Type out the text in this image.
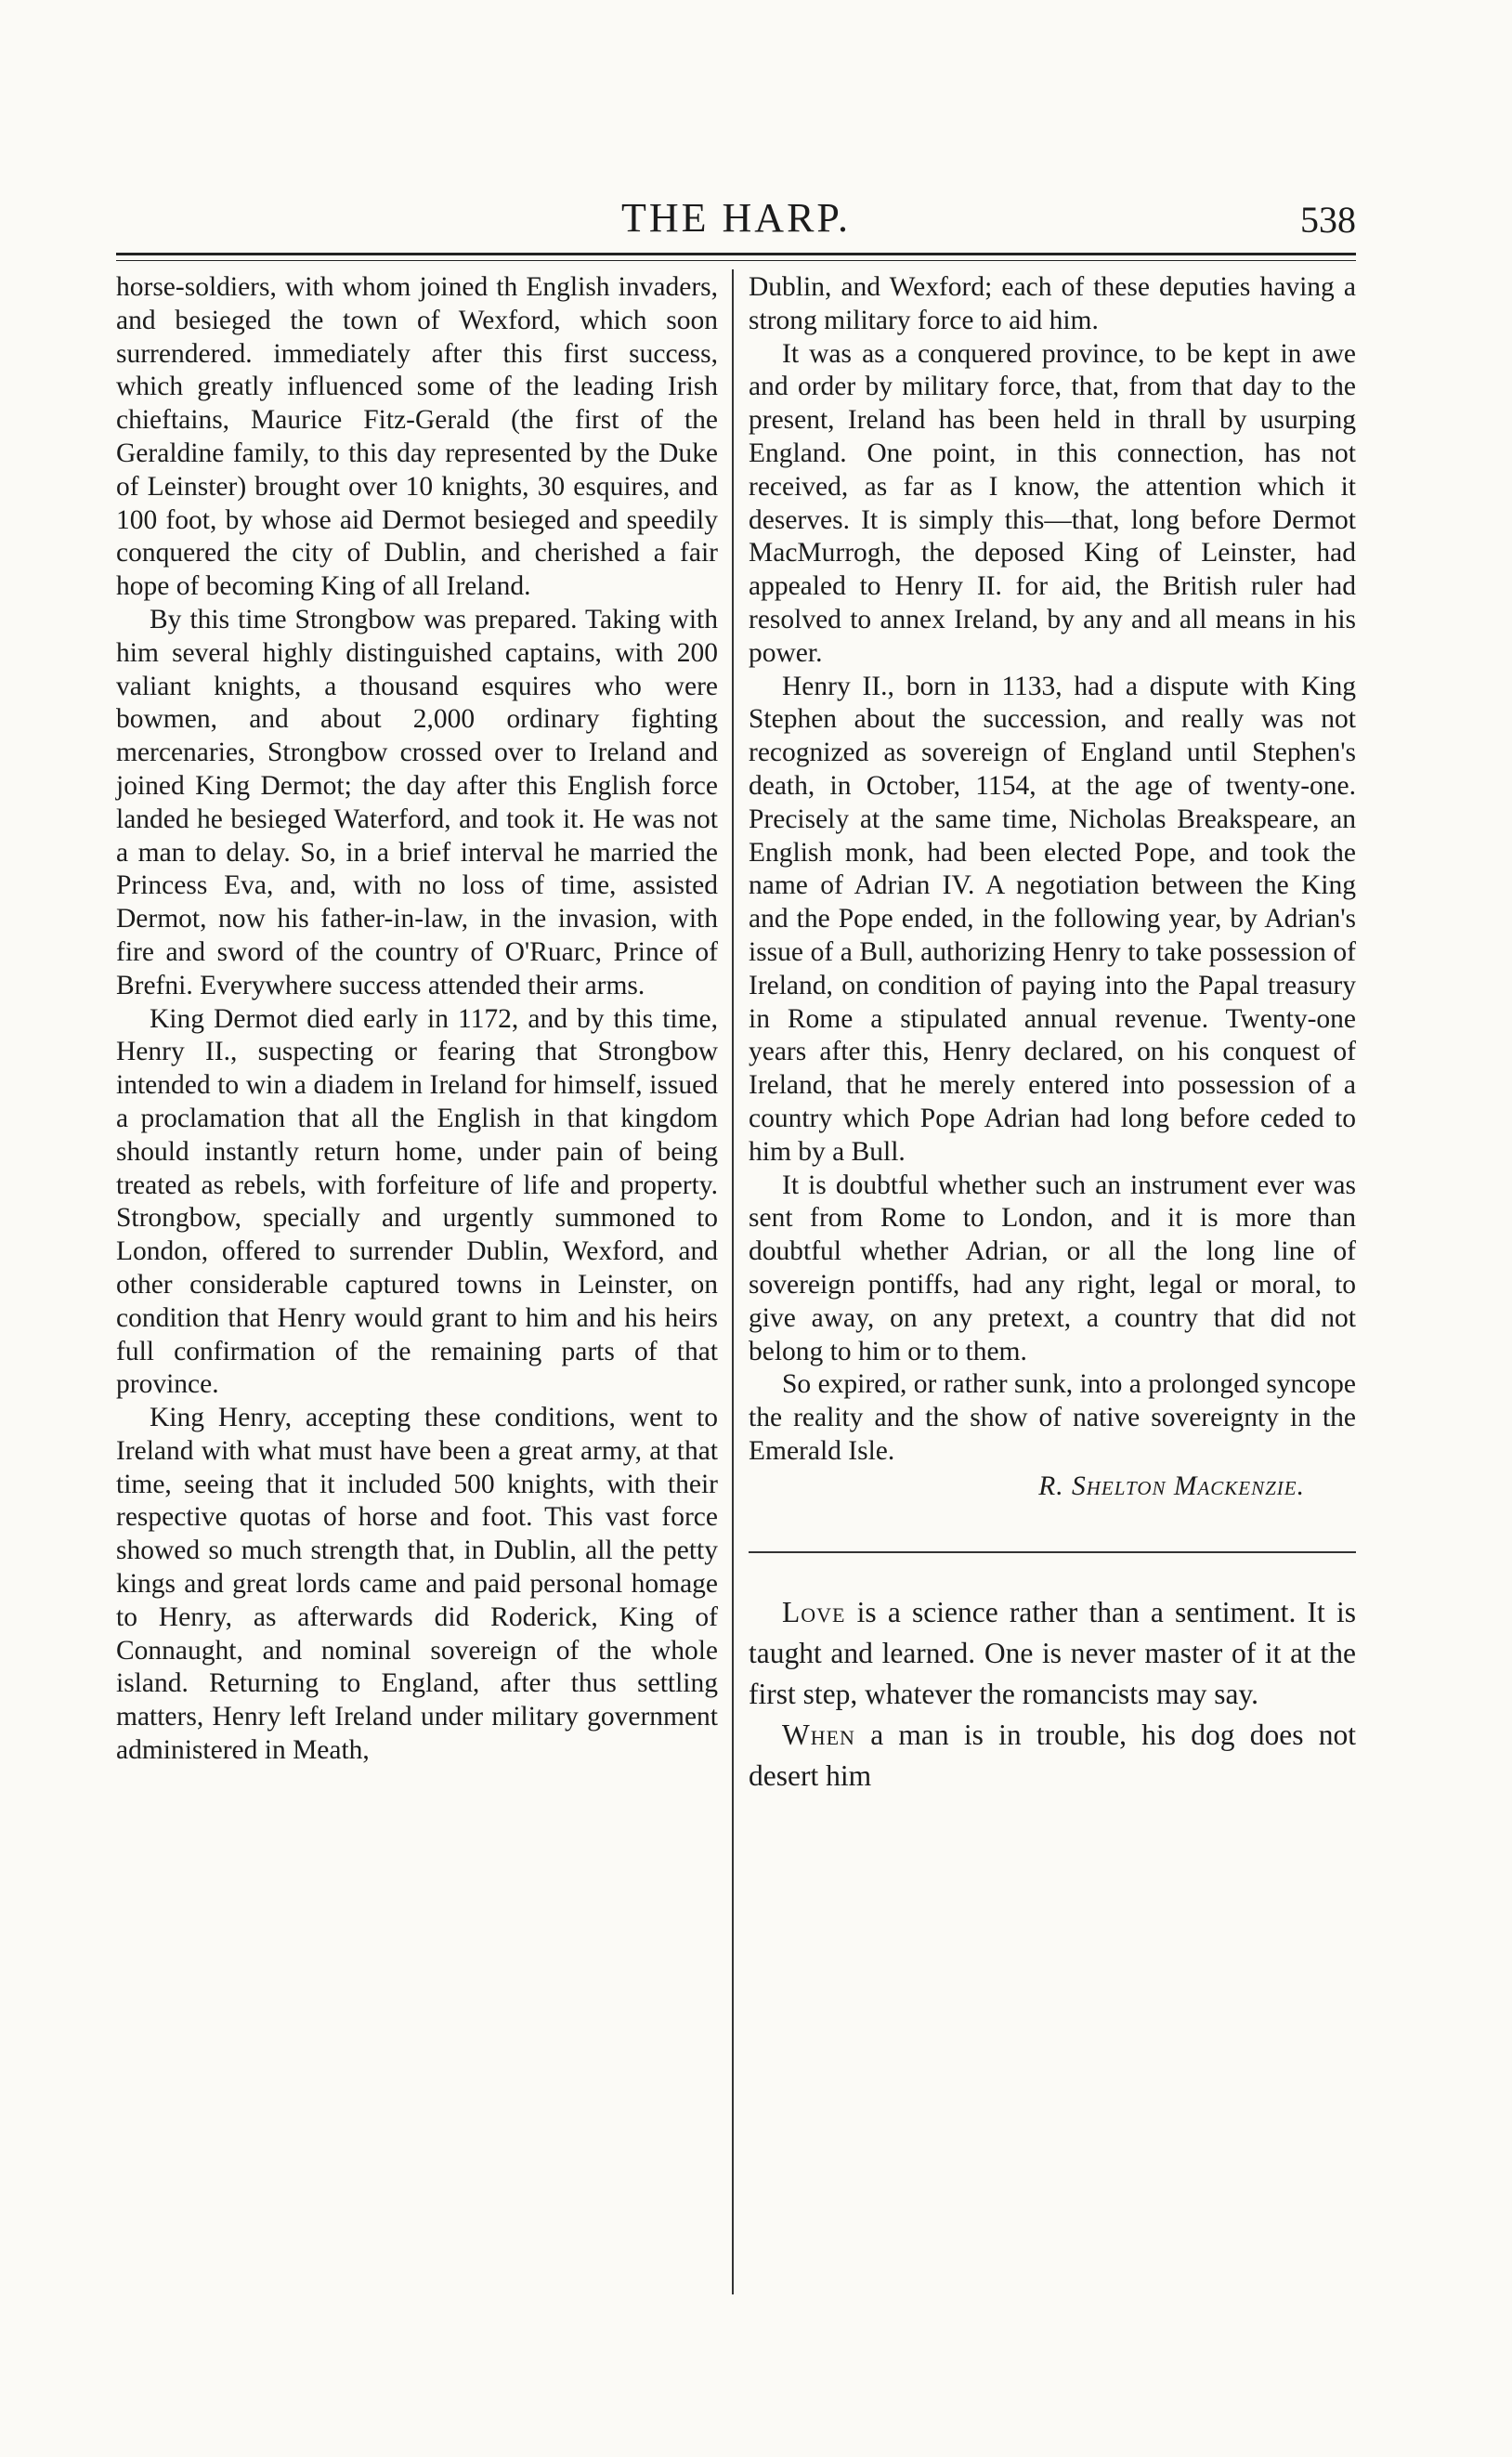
THE HARP.	538

horse-soldiers, with whom joined th English invaders, and besieged the town of Wexford, which soon surrendered. immediately after this first success, which greatly influenced some of the leading Irish chieftains, Maurice Fitz-Gerald (the first of the Geraldine family, to this day represented by the Duke of Leinster) brought over 10 knights, 30 esquires, and 100 foot, by whose aid Dermot besieged and speedily conquered the city of Dublin, and cherished a fair hope of becoming King of all Ireland.

By this time Strongbow was prepared. Taking with him several highly distinguished captains, with 200 valiant knights, a thousand esquires who were bowmen, and about 2,000 ordinary fighting mercenaries, Strongbow crossed over to Ireland and joined King Dermot; the day after this English force landed he besieged Waterford, and took it. He was not a man to delay. So, in a brief interval he married the Princess Eva, and, with no loss of time, assisted Dermot, now his father-in-law, in the invasion, with fire and sword of the country of O'Ruarc, Prince of Brefni. Everywhere success attended their arms.

King Dermot died early in 1172, and by this time, Henry II., suspecting or fearing that Strongbow intended to win a diadem in Ireland for himself, issued a proclamation that all the English in that kingdom should instantly return home, under pain of being treated as rebels, with forfeiture of life and property. Strongbow, specially and urgently summoned to London, offered to surrender Dublin, Wexford, and other considerable captured towns in Leinster, on condition that Henry would grant to him and his heirs full confirmation of the remaining parts of that province.

King Henry, accepting these conditions, went to Ireland with what must have been a great army, at that time, seeing that it included 500 knights, with their respective quotas of horse and foot. This vast force showed so much strength that, in Dublin, all the petty kings and great lords came and paid personal homage to Henry, as afterwards did Roderick, King of Connaught, and nominal sovereign of the whole island. Returning to England, after thus settling matters, Henry left Ireland under military government administered in Meath,

Dublin, and Wexford; each of these deputies having a strong military force to aid him.

It was as a conquered province, to be kept in awe and order by military force, that, from that day to the present, Ireland has been held in thrall by usurping England. One point, in this connection, has not received, as far as I know, the attention which it deserves. It is simply this—that, long before Dermot MacMurrogh, the deposed King of Leinster, had appealed to Henry II. for aid, the British ruler had resolved to annex Ireland, by any and all means in his power.

Henry II., born in 1133, had a dispute with King Stephen about the succession, and really was not recognized as sovereign of England until Stephen's death, in October, 1154, at the age of twenty-one. Precisely at the same time, Nicholas Breakspeare, an English monk, had been elected Pope, and took the name of Adrian IV. A negotiation between the King and the Pope ended, in the following year, by Adrian's issue of a Bull, authorizing Henry to take possession of Ireland, on condition of paying into the Papal treasury in Rome a stipulated annual revenue. Twenty-one years after this, Henry declared, on his conquest of Ireland, that he merely entered into possession of a country which Pope Adrian had long before ceded to him by a Bull.

It is doubtful whether such an instrument ever was sent from Rome to London, and it is more than doubtful whether Adrian, or all the long line of sovereign pontiffs, had any right, legal or moral, to give away, on any pretext, a country that did not belong to him or to them.

So expired, or rather sunk, into a prolonged syncope the reality and the show of native sovereignty in the Emerald Isle.

R. Shelton Mackenzie.

Love is a science rather than a sentiment. It is taught and learned. One is never master of it at the first step, whatever the romancists may say.

When a man is in trouble, his dog does not desert him
